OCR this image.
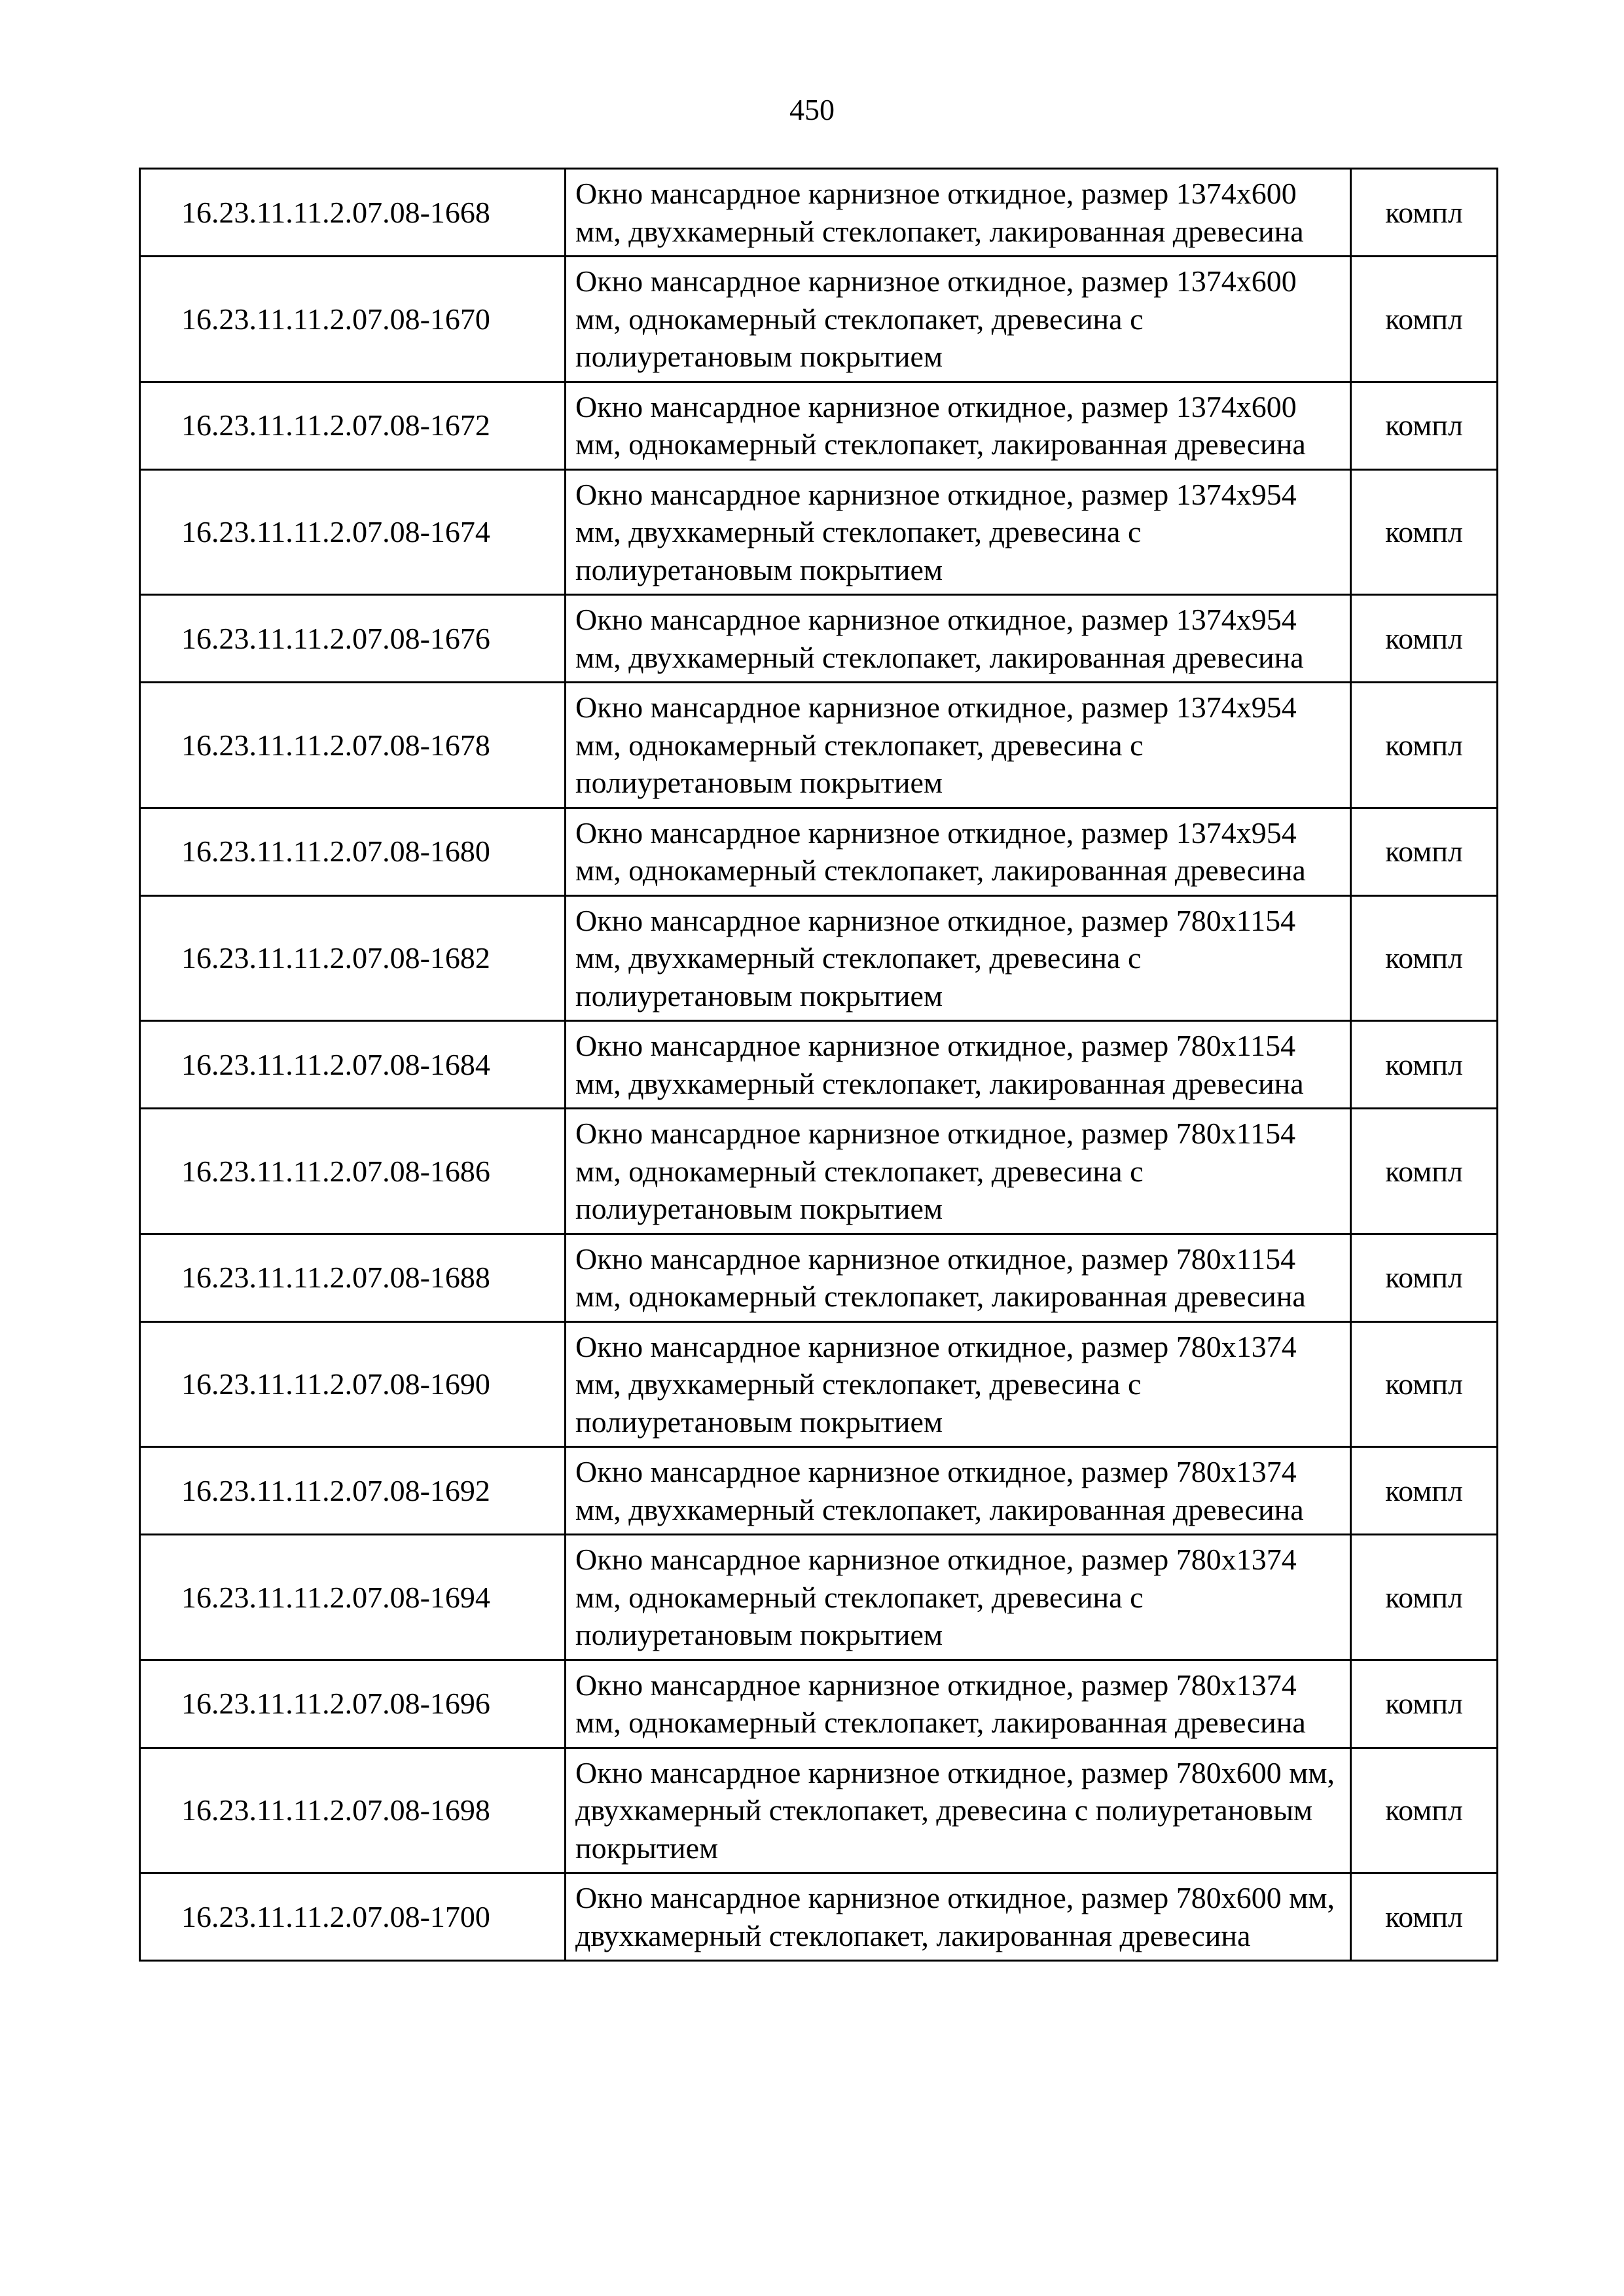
450
16.23.11.11.2.07.08-1668	Окно мансардное карнизное откидное, размер 1374х600 мм, двухкамерный стеклопакет, лакированная древесина	компл
16.23.11.11.2.07.08-1670	Окно мансардное карнизное откидное, размер 1374х600 мм, однокамерный стеклопакет, древесина с полиуретановым покрытием	компл
16.23.11.11.2.07.08-1672	Окно мансардное карнизное откидное, размер 1374х600 мм, однокамерный стеклопакет, лакированная древесина	компл
16.23.11.11.2.07.08-1674	Окно мансардное карнизное откидное, размер 1374х954 мм, двухкамерный стеклопакет, древесина с полиуретановым покрытием	компл
16.23.11.11.2.07.08-1676	Окно мансардное карнизное откидное, размер 1374х954 мм, двухкамерный стеклопакет, лакированная древесина	компл
16.23.11.11.2.07.08-1678	Окно мансардное карнизное откидное, размер 1374х954 мм, однокамерный стеклопакет, древесина с полиуретановым покрытием	компл
16.23.11.11.2.07.08-1680	Окно мансардное карнизное откидное, размер 1374х954 мм, однокамерный стеклопакет, лакированная древесина	компл
16.23.11.11.2.07.08-1682	Окно мансардное карнизное откидное, размер 780х1154 мм, двухкамерный стеклопакет, древесина с полиуретановым покрытием	компл
16.23.11.11.2.07.08-1684	Окно мансардное карнизное откидное, размер 780х1154 мм, двухкамерный стеклопакет, лакированная древесина	компл
16.23.11.11.2.07.08-1686	Окно мансардное карнизное откидное, размер 780х1154 мм, однокамерный стеклопакет, древесина с полиуретановым покрытием	компл
16.23.11.11.2.07.08-1688	Окно мансардное карнизное откидное, размер 780х1154 мм, однокамерный стеклопакет, лакированная древесина	компл
16.23.11.11.2.07.08-1690	Окно мансардное карнизное откидное, размер 780х1374 мм, двухкамерный стеклопакет, древесина с полиуретановым покрытием	компл
16.23.11.11.2.07.08-1692	Окно мансардное карнизное откидное, размер 780х1374 мм, двухкамерный стеклопакет, лакированная древесина	компл
16.23.11.11.2.07.08-1694	Окно мансардное карнизное откидное, размер 780х1374 мм, однокамерный стеклопакет, древесина с полиуретановым покрытием	компл
16.23.11.11.2.07.08-1696	Окно мансардное карнизное откидное, размер 780х1374 мм, однокамерный стеклопакет, лакированная древесина	компл
16.23.11.11.2.07.08-1698	Окно мансардное карнизное откидное, размер 780х600 мм, двухкамерный стеклопакет, древесина с полиуретановым покрытием	компл
16.23.11.11.2.07.08-1700	Окно мансардное карнизное откидное, размер 780х600 мм, двухкамерный стеклопакет, лакированная древесина	компл
